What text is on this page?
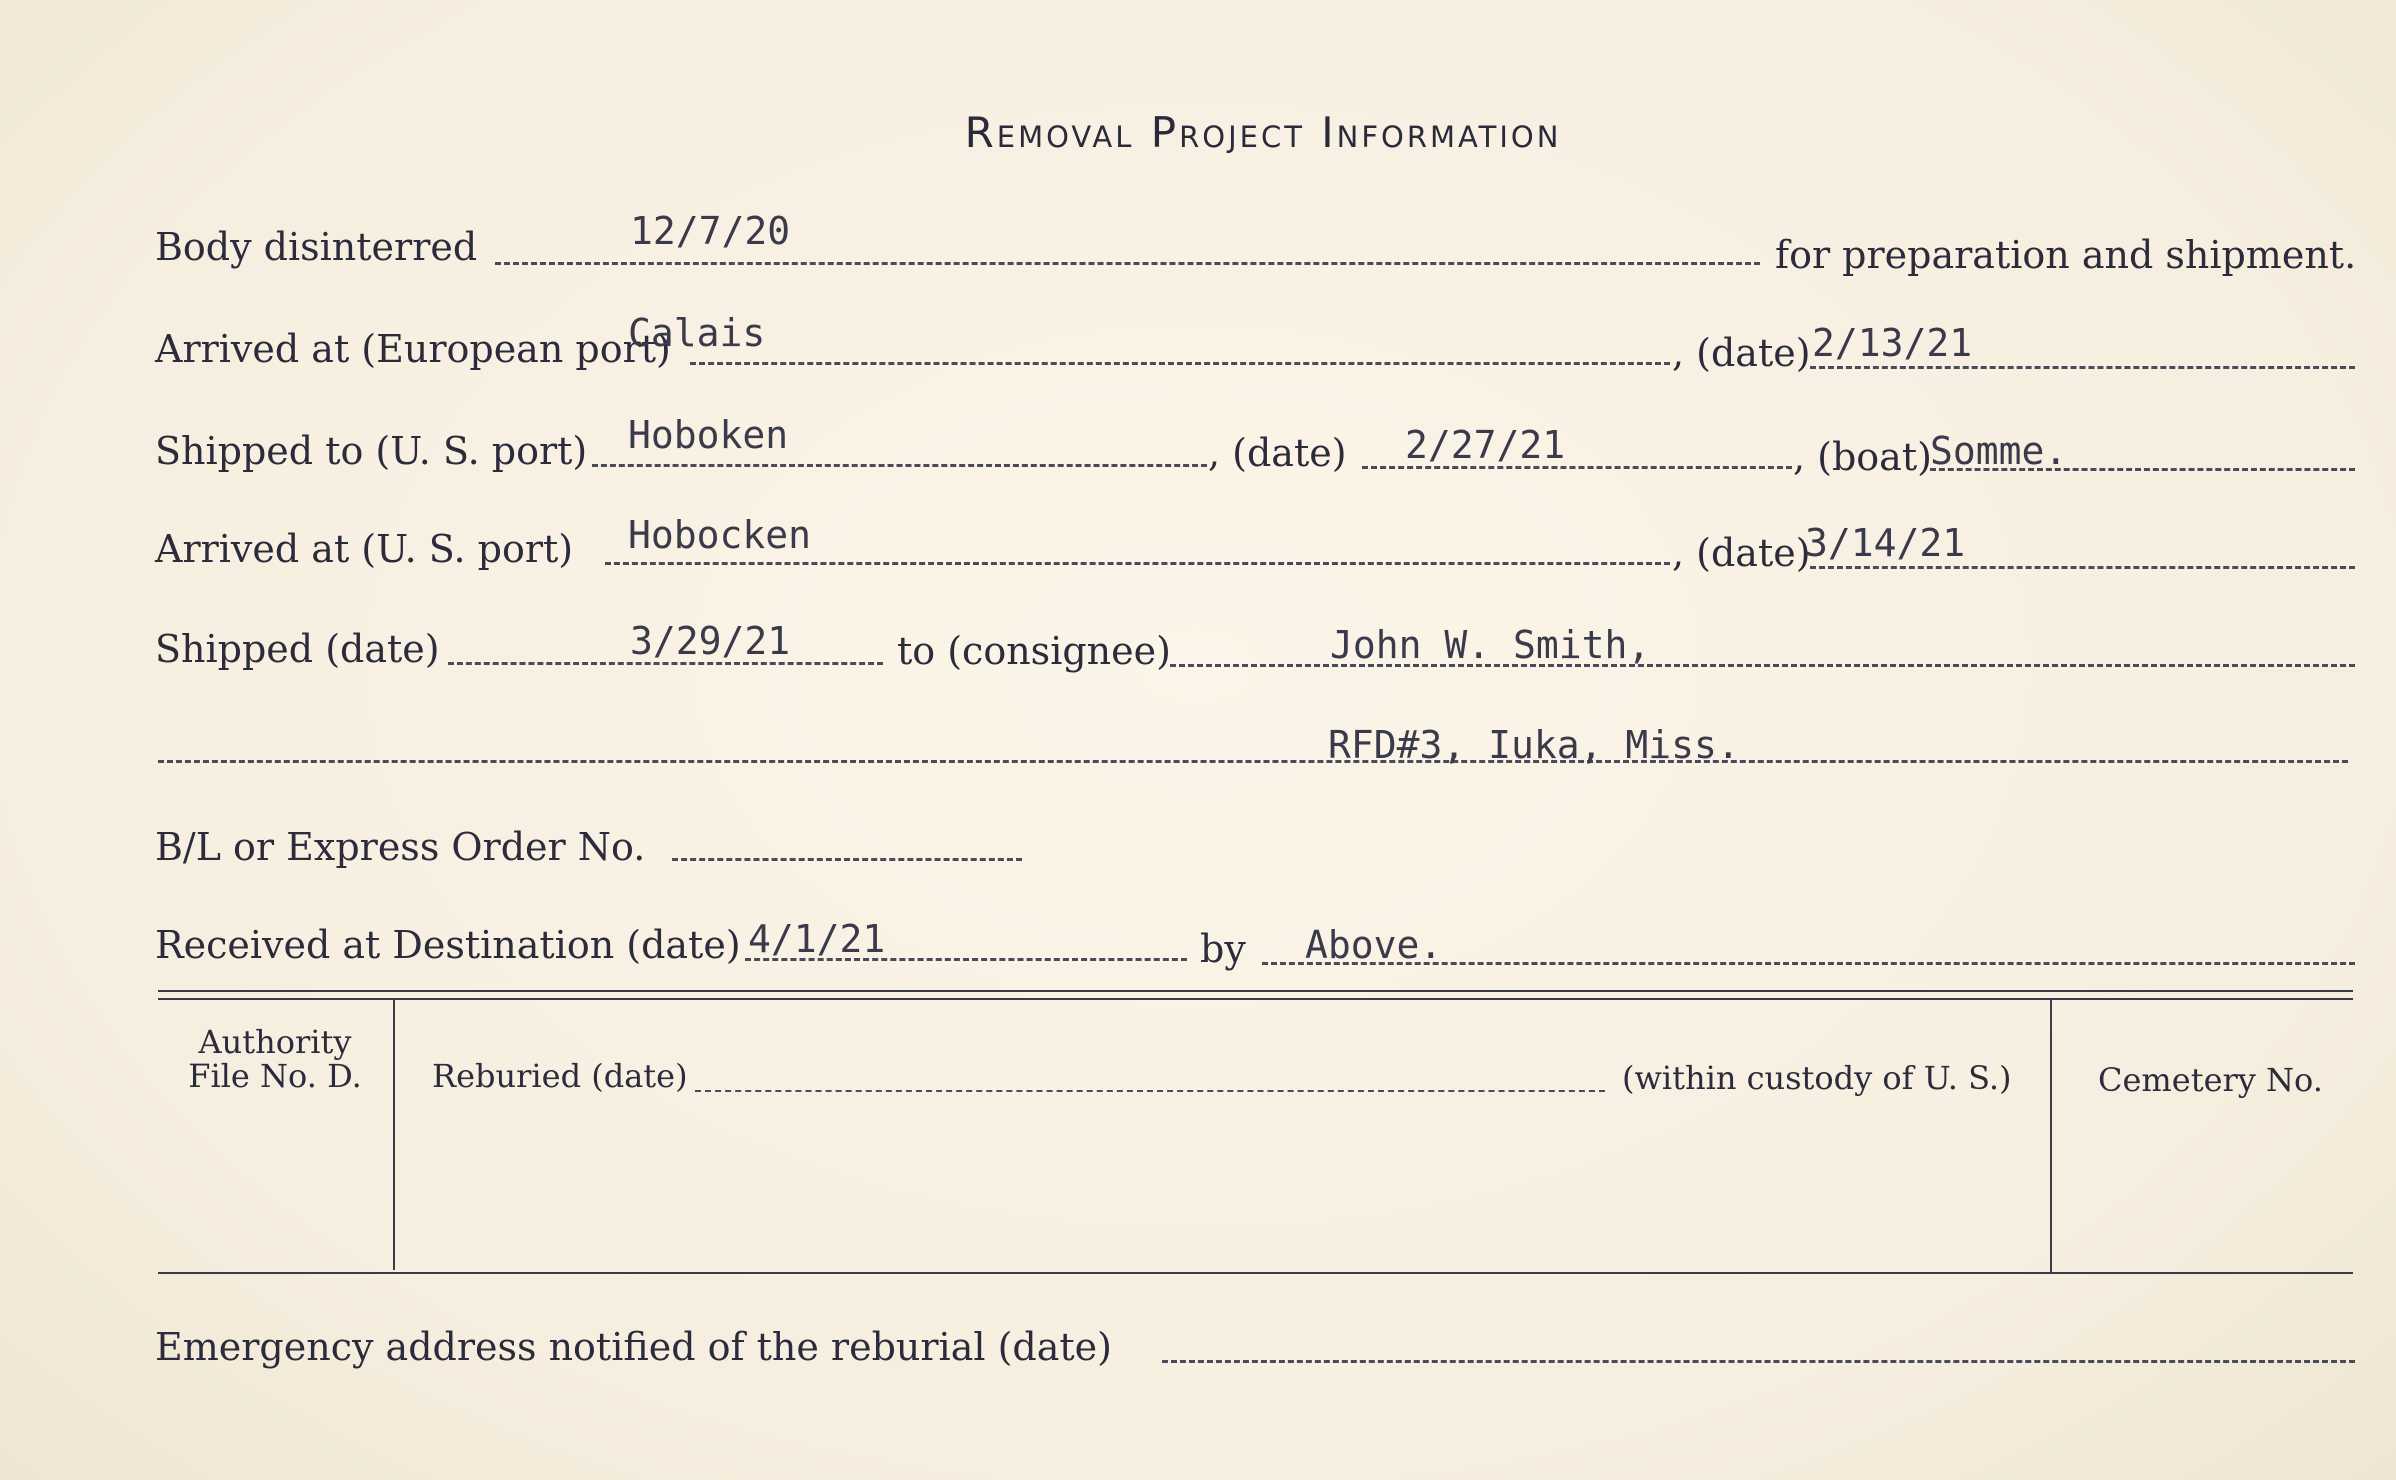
Removal Project Information
Body disinterred	12/7/20
for preparation and shipment.
Arrived at (European port)
Calais	, (date) 2/13/21
Shipped to (U. S. port) Hoboken	, (date) 2/27/21	, (boat)
Somme.
Arrived at (U. S. port) Hobocken	, (date)
3/14/21
Shipped (date)	3/29/21	to (consignee)	John W. Smith,
RFD#3, Iuka, Miss.
B/L or Express Order No.
Received at Destination (date) 4/1/21	by Above.
Authority
File No. D.	Reburied (date)	(within custody of U. S.)	Cemetery No.
Emergency address notified of the reburial (date)
